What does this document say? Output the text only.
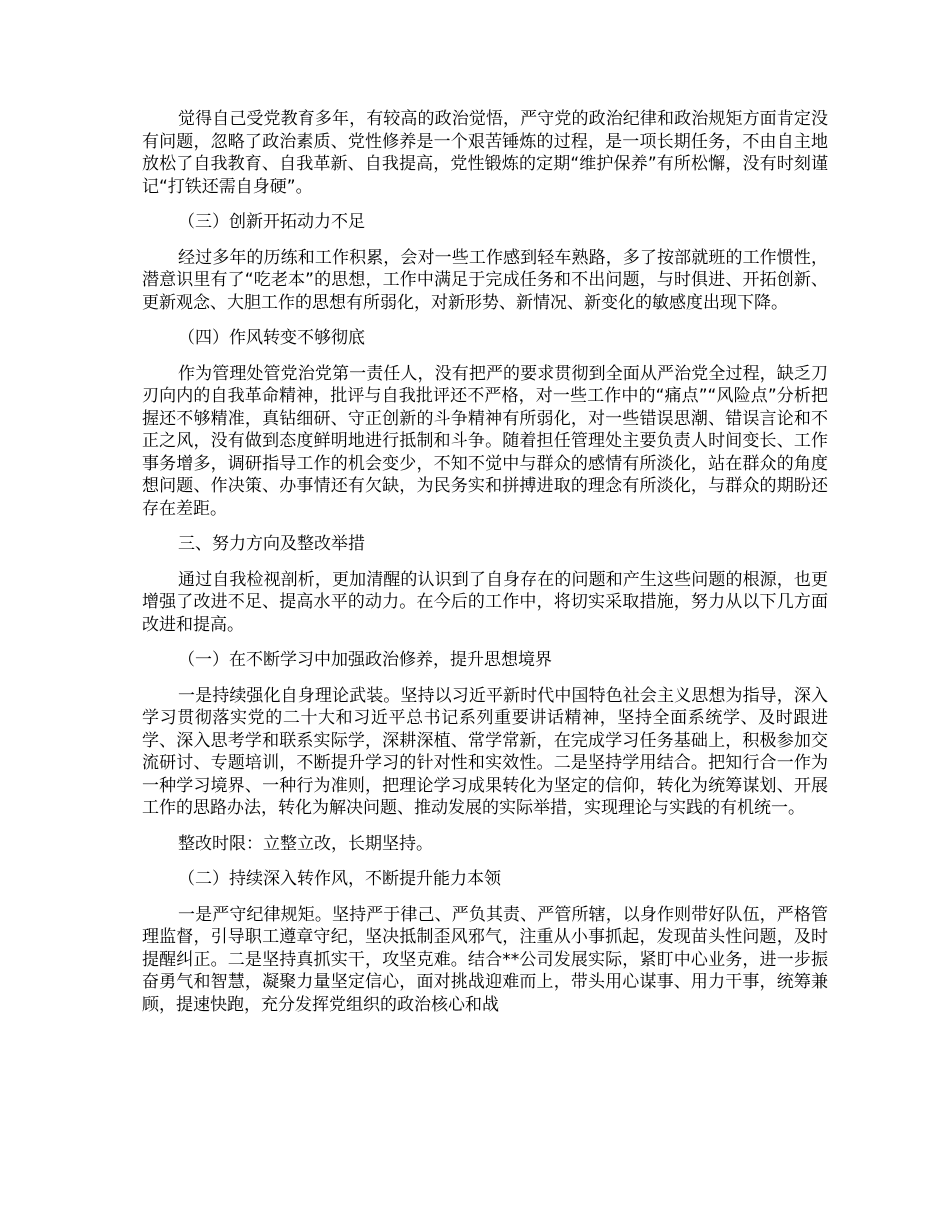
觉得自己受党教育多年，有较高的政治觉悟，严守党的政治纪律和政治规矩方面肯定没有问题，忽略了政治素质、党性修养是一个艰苦锤炼的过程，是一项长期任务，不由自主地放松了自我教育、自我革新、自我提高，党性锻炼的定期“维护保养”有所松懈，没有时刻谨记“打铁还需自身硬”。

（三）创新开拓动力不足

经过多年的历练和工作积累，会对一些工作感到轻车熟路，多了按部就班的工作惯性，潜意识里有了“吃老本”的思想，工作中满足于完成任务和不出问题，与时俱进、开拓创新、更新观念、大胆工作的思想有所弱化，对新形势、新情况、新变化的敏感度出现下降。

（四）作风转变不够彻底

作为管理处管党治党第一责任人，没有把严的要求贯彻到全面从严治党全过程，缺乏刀刃向内的自我革命精神，批评与自我批评还不严格，对一些工作中的“痛点”“风险点”分析把握还不够精准，真钻细研、守正创新的斗争精神有所弱化，对一些错误思潮、错误言论和不正之风，没有做到态度鲜明地进行抵制和斗争。随着担任管理处主要负责人时间变长、工作事务增多，调研指导工作的机会变少，不知不觉中与群众的感情有所淡化，站在群众的角度想问题、作决策、办事情还有欠缺，为民务实和拼搏进取的理念有所淡化，与群众的期盼还存在差距。

三、努力方向及整改举措

通过自我检视剖析，更加清醒的认识到了自身存在的问题和产生这些问题的根源，也更增强了改进不足、提高水平的动力。在今后的工作中，将切实采取措施，努力从以下几方面改进和提高。

（一）在不断学习中加强政治修养，提升思想境界

一是持续强化自身理论武装。坚持以习近平新时代中国特色社会主义思想为指导，深入学习贯彻落实党的二十大和习近平总书记系列重要讲话精神，坚持全面系统学、及时跟进学、深入思考学和联系实际学，深耕深植、常学常新，在完成学习任务基础上，积极参加交流研讨、专题培训，不断提升学习的针对性和实效性。二是坚持学用结合。把知行合一作为一种学习境界、一种行为准则，把理论学习成果转化为坚定的信仰，转化为统筹谋划、开展工作的思路办法，转化为解决问题、推动发展的实际举措，实现理论与实践的有机统一。

整改时限：立整立改，长期坚持。

（二）持续深入转作风，不断提升能力本领

一是严守纪律规矩。坚持严于律己、严负其责、严管所辖，以身作则带好队伍，严格管理监督，引导职工遵章守纪，坚决抵制歪风邪气，注重从小事抓起，发现苗头性问题，及时提醒纠正。二是坚持真抓实干，攻坚克难。结合**公司发展实际，紧盯中心业务，进一步振奋勇气和智慧，凝聚力量坚定信心，面对挑战迎难而上，带头用心谋事、用力干事，统筹兼顾，提速快跑，充分发挥党组织的政治核心和战
